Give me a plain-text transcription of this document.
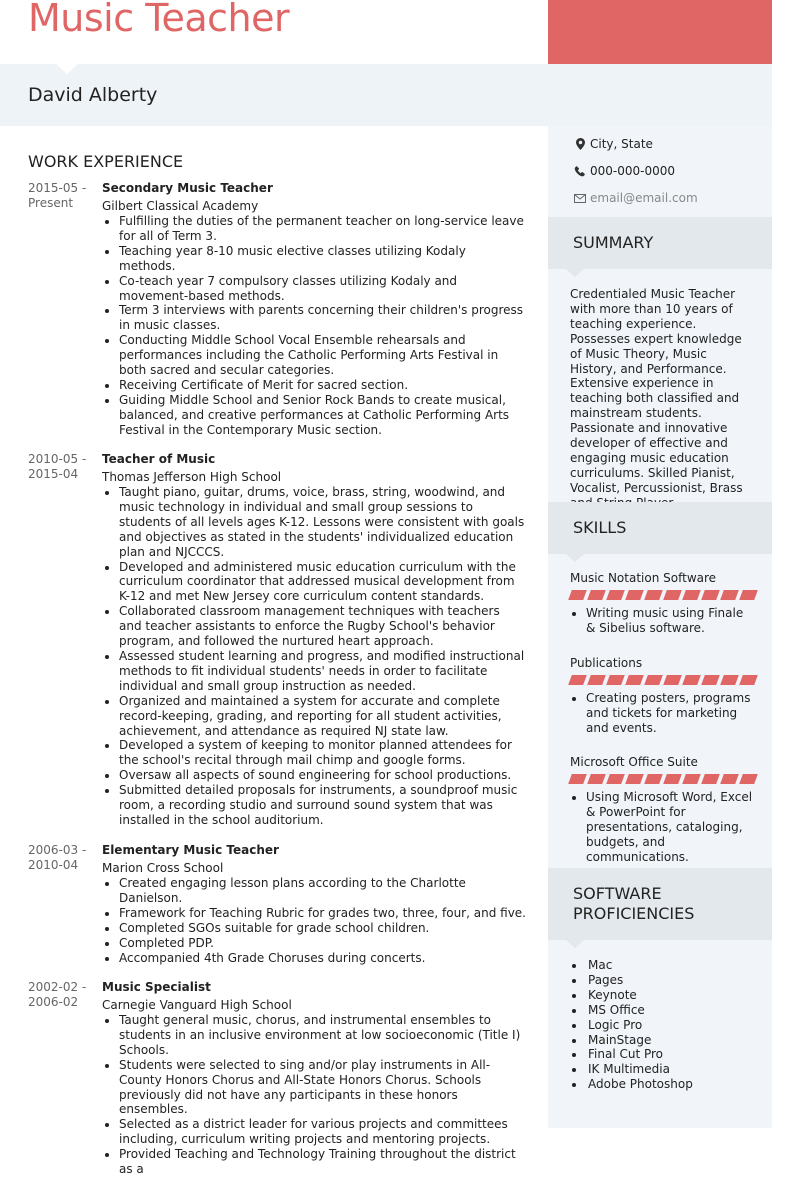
Music Teacher
David Alberty
City, State
000-000-0000
email@email.com
SUMMARY
Credentialed Music Teacher with more than 10 years of teaching experience. Possesses expert knowledge of Music Theory, Music History, and Performance. Extensive experience in teaching both classified and mainstream students. Passionate and innovative developer of effective and engaging music education curriculums. Skilled Pianist, Vocalist, Percussionist, Brass
SKILLS
Music Notation Software
• Writing music using Finale & Sibelius software.
Publications
• Creating posters, programs and tickets for marketing and events.
Microsoft Office Suite
• Using Microsoft Word, Excel & PowerPoint for presentations, cataloging, budgets, and communications.
SOFTWARE PROFICIENCIES
• Mac
• Pages
• Keynote
• MS Office
• Logic Pro
• MainStage
• Final Cut Pro
• IK Multimedia
• Adobe Photoshop
WORK EXPERIENCE
2015-05 -
Present
Secondary Music Teacher
Gilbert Classical Academy
• Fulfilling the duties of the permanent teacher on long-service leave for all of Term 3.
• Teaching year 8-10 music elective classes utilizing Kodaly methods.
• Co-teach year 7 compulsory classes utilizing Kodaly and movement-based methods.
• Term 3 interviews with parents concerning their children's progress in music classes.
• Conducting Middle School Vocal Ensemble rehearsals and performances including the Catholic Performing Arts Festival in both sacred and secular categories.
• Receiving Certificate of Merit for sacred section.
• Guiding Middle School and Senior Rock Bands to create musical, balanced, and creative performances at Catholic Performing Arts Festival in the Contemporary Music section.
2010-05 -
2015-04
Teacher of Music
Thomas Jefferson High School
• Taught piano, guitar, drums, voice, brass, string, woodwind, and music technology in individual and small group sessions to students of all levels ages K-12. Lessons were consistent with goals and objectives as stated in the students' individualized education plan and NJCCCS.
• Developed and administered music education curriculum with the curriculum coordinator that addressed musical development from K-12 and met New Jersey core curriculum content standards.
• Collaborated classroom management techniques with teachers and teacher assistants to enforce the Rugby School's behavior program, and followed the nurtured heart approach.
• Assessed student learning and progress, and modified instructional methods to fit individual students' needs in order to facilitate individual and small group instruction as needed.
• Organized and maintained a system for accurate and complete record-keeping, grading, and reporting for all student activities, achievement, and attendance as required NJ state law.
• Developed a system of keeping to monitor planned attendees for the school's recital through mail chimp and google forms.
• Oversaw all aspects of sound engineering for school productions.
• Submitted detailed proposals for instruments, a soundproof music room, a recording studio and surround sound system that was installed in the school auditorium.
2006-03 -
2010-04
Elementary Music Teacher
Marion Cross School
• Created engaging lesson plans according to the Charlotte Danielson.
• Framework for Teaching Rubric for grades two, three, four, and five.
• Completed SGOs suitable for grade school children.
• Completed PDP.
• Accompanied 4th Grade Choruses during concerts.
2002-02 -
2006-02
Music Specialist
Carnegie Vanguard High School
• Taught general music, chorus, and instrumental ensembles to students in an inclusive environment at low socioeconomic (Title I) Schools.
• Students were selected to sing and/or play instruments in All-County Honors Chorus and All-State Honors Chorus. Schools previously did not have any participants in these honors ensembles.
• Selected as a district leader for various projects and committees including, curriculum writing projects and mentoring projects.
• Provided Teaching and Technology Training throughout the district as a
